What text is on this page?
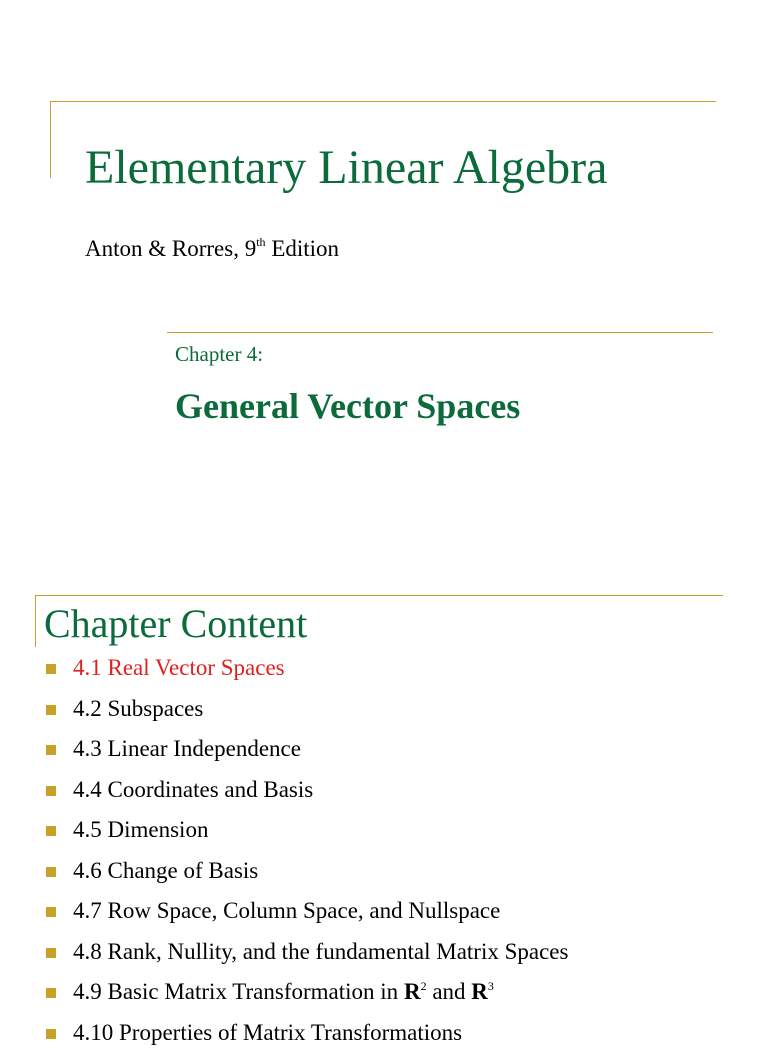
Elementary Linear Algebra
Anton & Rorres, 9th Edition
Chapter 4:
General Vector Spaces
Chapter Content
4.1 Real Vector Spaces
4.2 Subspaces
4.3 Linear Independence
4.4 Coordinates and Basis
4.5 Dimension
4.6 Change of Basis
4.7 Row Space, Column Space, and Nullspace
4.8 Rank, Nullity, and the fundamental Matrix Spaces
4.9 Basic Matrix Transformation in $R^2$ and $R^3$
4.10 Properties of Matrix Transformations
